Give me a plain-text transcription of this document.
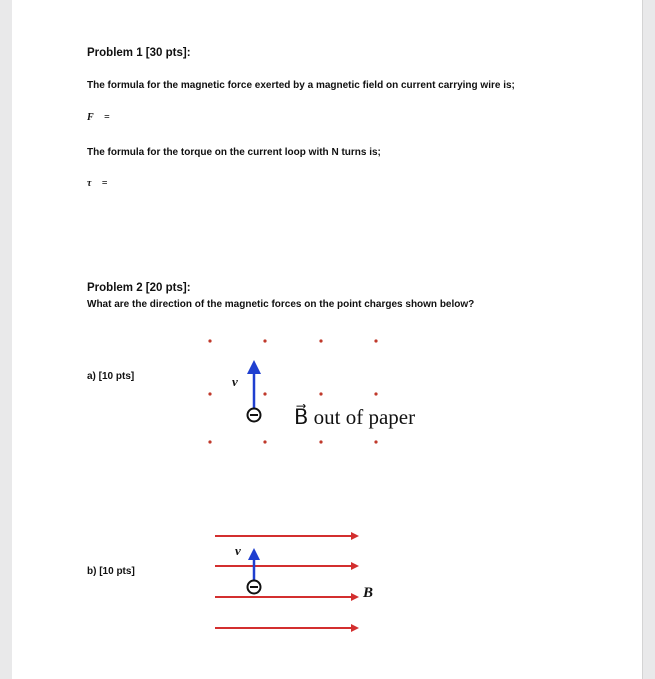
Problem 1 [30 pts]:
The formula for the magnetic force exerted by a magnetic field on current carrying wire is;
F⃗ =
The formula for the torque on the current loop with N turns is;
τ⃗ =
Problem 2 [20 pts]:
What are the direction of the magnetic forces on the point charges shown below?
a) [10 pts]	v⃗
B⃗ out of paper
b) [10 pts]
v⃗
B⃗
